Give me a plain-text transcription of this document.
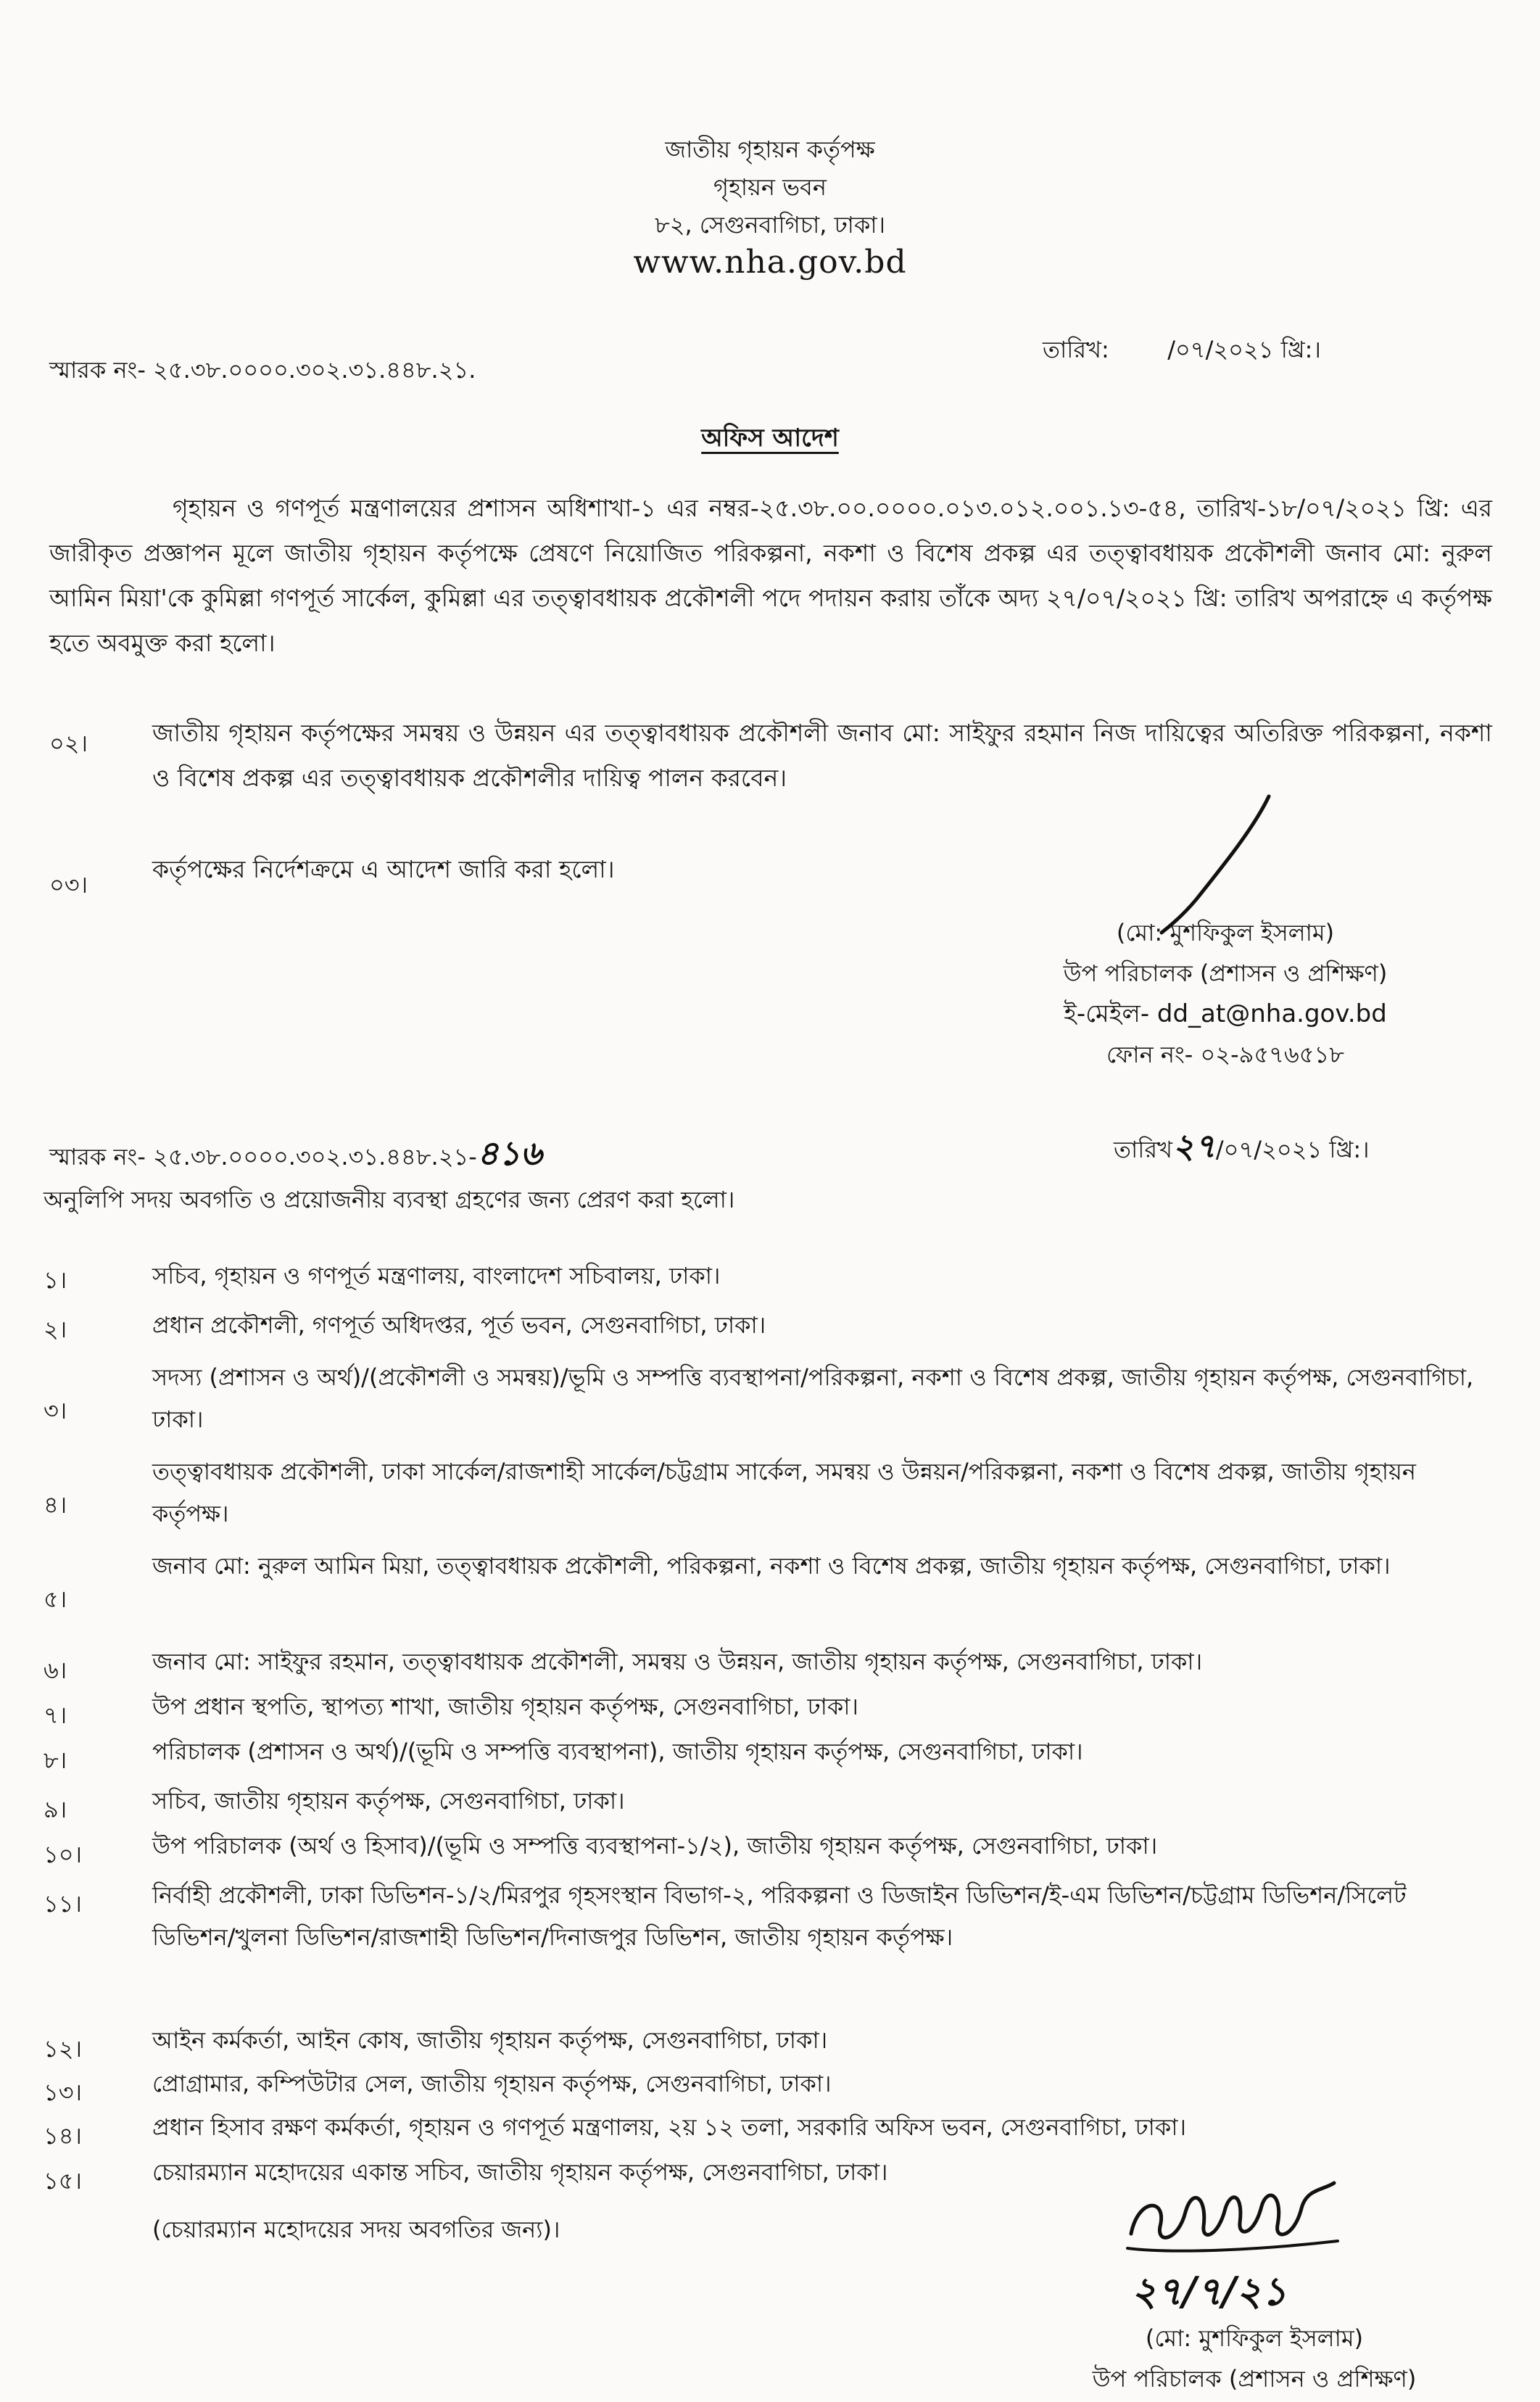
জাতীয় গৃহায়ন কর্তৃপক্ষ
গৃহায়ন ভবন
৮২, সেগুনবাগিচা, ঢাকা।
www.nha.gov.bd
স্মারক নং- ২৫.৩৮.০০০০.৩০২.৩১.৪৪৮.২১.
তারিখ:	/০৭/২০২১ খ্রি:।
অফিস আদেশ
গৃহায়ন ও গণপূর্ত মন্ত্রণালয়ের প্রশাসন অধিশাখা-১ এর নম্বর-২৫.৩৮.০০.০০০০.০১৩.০১২.০০১.১৩-৫৪, তারিখ-১৮/০৭/২০২১ খ্রি: এর জারীকৃত প্রজ্ঞাপন মূলে জাতীয় গৃহায়ন কর্তৃপক্ষে প্রেষণে নিয়োজিত পরিকল্পনা, নকশা ও বিশেষ প্রকল্প এর তত্ত্বাবধায়ক প্রকৌশলী জনাব মো: নুরুল আমিন মিয়া'কে কুমিল্লা গণপূর্ত সার্কেল, কুমিল্লা এর তত্ত্বাবধায়ক প্রকৌশলী পদে পদায়ন করায় তাঁকে অদ্য ২৭/০৭/২০২১ খ্রি: তারিখ অপরাহ্নে এ কর্তৃপক্ষ হতে অবমুক্ত করা হলো।
০২।	জাতীয় গৃহায়ন কর্তৃপক্ষের সমন্বয় ও উন্নয়ন এর তত্ত্বাবধায়ক প্রকৌশলী জনাব মো: সাইফুর রহমান নিজ দায়িত্বের অতিরিক্ত পরিকল্পনা, নকশা ও বিশেষ প্রকল্প এর তত্ত্বাবধায়ক প্রকৌশলীর দায়িত্ব পালন করবেন।
০৩।
কর্তৃপক্ষের নির্দেশক্রমে এ আদেশ জারি করা হলো।
(মো: মুশফিকুল ইসলাম)
উপ পরিচালক (প্রশাসন ও প্রশিক্ষণ)
ই-মেইল- dd_at@nha.gov.bd
ফোন নং- ০২-৯৫৭৬৫১৮
স্মারক নং- ২৫.৩৮.০০০০.৩০২.৩১.৪৪৮.২১-৪১৬	তারিখ২৭/০৭/২০২১ খ্রি:।
অনুলিপি সদয় অবগতি ও প্রয়োজনীয় ব্যবস্থা গ্রহণের জন্য প্রেরণ করা হলো।
১।	সচিব, গৃহায়ন ও গণপূর্ত মন্ত্রণালয়, বাংলাদেশ সচিবালয়, ঢাকা।
২।	প্রধান প্রকৌশলী, গণপূর্ত অধিদপ্তর, পূর্ত ভবন, সেগুনবাগিচা, ঢাকা।
৩।
সদস্য (প্রশাসন ও অর্থ)/(প্রকৌশলী ও সমন্বয়)/ভূমি ও সম্পত্তি ব্যবস্থাপনা/পরিকল্পনা, নকশা ও বিশেষ প্রকল্প, জাতীয় গৃহায়ন কর্তৃপক্ষ, সেগুনবাগিচা, ঢাকা।
৪।
তত্ত্বাবধায়ক প্রকৌশলী, ঢাকা সার্কেল/রাজশাহী সার্কেল/চট্টগ্রাম সার্কেল, সমন্বয় ও উন্নয়ন/পরিকল্পনা, নকশা ও বিশেষ প্রকল্প, জাতীয় গৃহায়ন কর্তৃপক্ষ।
৫।
জনাব মো: নুরুল আমিন মিয়া, তত্ত্বাবধায়ক প্রকৌশলী, পরিকল্পনা, নকশা ও বিশেষ প্রকল্প, জাতীয় গৃহায়ন কর্তৃপক্ষ, সেগুনবাগিচা, ঢাকা।
৬।	জনাব মো: সাইফুর রহমান, তত্ত্বাবধায়ক প্রকৌশলী, সমন্বয় ও উন্নয়ন, জাতীয় গৃহায়ন কর্তৃপক্ষ, সেগুনবাগিচা, ঢাকা।
৭।	উপ প্রধান স্থপতি, স্থাপত্য শাখা, জাতীয় গৃহায়ন কর্তৃপক্ষ, সেগুনবাগিচা, ঢাকা।
৮।	পরিচালক (প্রশাসন ও অর্থ)/(ভূমি ও সম্পত্তি ব্যবস্থাপনা), জাতীয় গৃহায়ন কর্তৃপক্ষ, সেগুনবাগিচা, ঢাকা।
৯।	সচিব, জাতীয় গৃহায়ন কর্তৃপক্ষ, সেগুনবাগিচা, ঢাকা।
১০।	উপ পরিচালক (অর্থ ও হিসাব)/(ভূমি ও সম্পত্তি ব্যবস্থাপনা-১/২), জাতীয় গৃহায়ন কর্তৃপক্ষ, সেগুনবাগিচা, ঢাকা।
১১।	নির্বাহী প্রকৌশলী, ঢাকা ডিভিশন-১/২/মিরপুর গৃহসংস্থান বিভাগ-২, পরিকল্পনা ও ডিজাইন ডিভিশন/ই-এম ডিভিশন/চট্টগ্রাম ডিভিশন/সিলেট ডিভিশন/খুলনা ডিভিশন/রাজশাহী ডিভিশন/দিনাজপুর ডিভিশন, জাতীয় গৃহায়ন কর্তৃপক্ষ।
১২।	আইন কর্মকর্তা, আইন কোষ, জাতীয় গৃহায়ন কর্তৃপক্ষ, সেগুনবাগিচা, ঢাকা।
১৩।	প্রোগ্রামার, কম্পিউটার সেল, জাতীয় গৃহায়ন কর্তৃপক্ষ, সেগুনবাগিচা, ঢাকা।
১৪।	প্রধান হিসাব রক্ষণ কর্মকর্তা, গৃহায়ন ও গণপূর্ত মন্ত্রণালয়, ২য় ১২ তলা, সরকারি অফিস ভবন, সেগুনবাগিচা, ঢাকা।
১৫।	চেয়ারম্যান মহোদয়ের একান্ত সচিব, জাতীয় গৃহায়ন কর্তৃপক্ষ, সেগুনবাগিচা, ঢাকা।
(চেয়ারম্যান মহোদয়ের সদয় অবগতির জন্য)।
২৭/৭/২১
(মো: মুশফিকুল ইসলাম)
উপ পরিচালক (প্রশাসন ও প্রশিক্ষণ)
